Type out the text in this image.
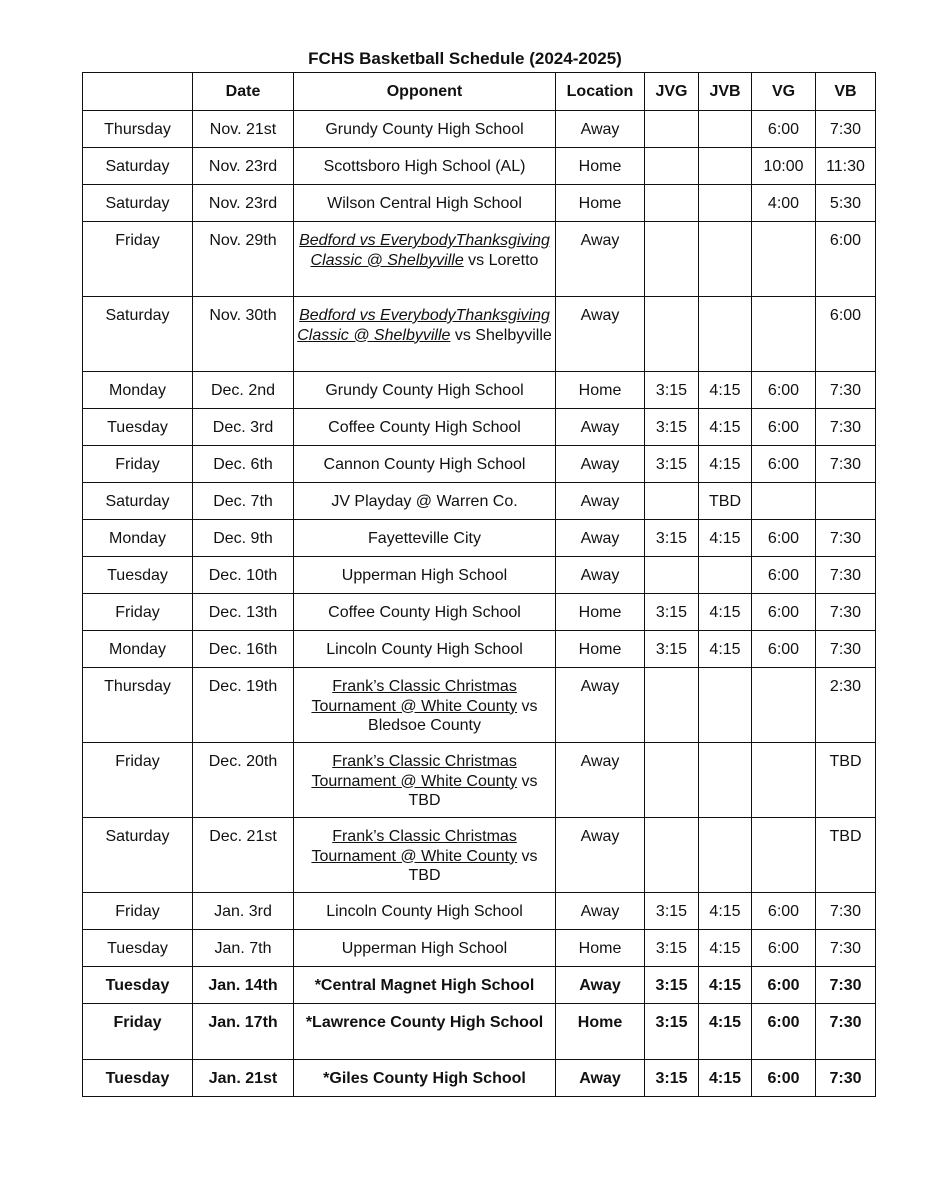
FCHS Basketball Schedule (2024-2025)
	Date	Opponent	Location	JVG	JVB	VG	VB
Thursday	Nov. 21st	Grundy County High School	Away			6:00	7:30
Saturday	Nov. 23rd	Scottsboro High School (AL)	Home			10:00	11:30
Saturday	Nov. 23rd	Wilson Central High School	Home			4:00	5:30
Friday	Nov. 29th	Bedford vs EverybodyThanksgiving Classic @ Shelbyville vs Loretto	Away				6:00
Saturday	Nov. 30th	Bedford vs EverybodyThanksgiving Classic @ Shelbyville vs Shelbyville	Away				6:00
Monday	Dec. 2nd	Grundy County High School	Home	3:15	4:15	6:00	7:30
Tuesday	Dec. 3rd	Coffee County High School	Away	3:15	4:15	6:00	7:30
Friday	Dec. 6th	Cannon County High School	Away	3:15	4:15	6:00	7:30
Saturday	Dec. 7th	JV Playday @ Warren Co.	Away		TBD		
Monday	Dec. 9th	Fayetteville City	Away	3:15	4:15	6:00	7:30
Tuesday	Dec. 10th	Upperman High School	Away			6:00	7:30
Friday	Dec. 13th	Coffee County High School	Home	3:15	4:15	6:00	7:30
Monday	Dec. 16th	Lincoln County High School	Home	3:15	4:15	6:00	7:30
Thursday	Dec. 19th	Frank’s Classic Christmas Tournament @ White County vs Bledsoe County	Away				2:30
Friday	Dec. 20th	Frank’s Classic Christmas Tournament @ White County vs TBD	Away				TBD
Saturday	Dec. 21st	Frank’s Classic Christmas Tournament @ White County vs TBD	Away				TBD
Friday	Jan. 3rd	Lincoln County High School	Away	3:15	4:15	6:00	7:30
Tuesday	Jan. 7th	Upperman High School	Home	3:15	4:15	6:00	7:30
Tuesday	Jan. 14th	*Central Magnet High School	Away	3:15	4:15	6:00	7:30
Friday	Jan. 17th	*Lawrence County High School	Home	3:15	4:15	6:00	7:30
Tuesday	Jan. 21st	*Giles County High School	Away	3:15	4:15	6:00	7:30
